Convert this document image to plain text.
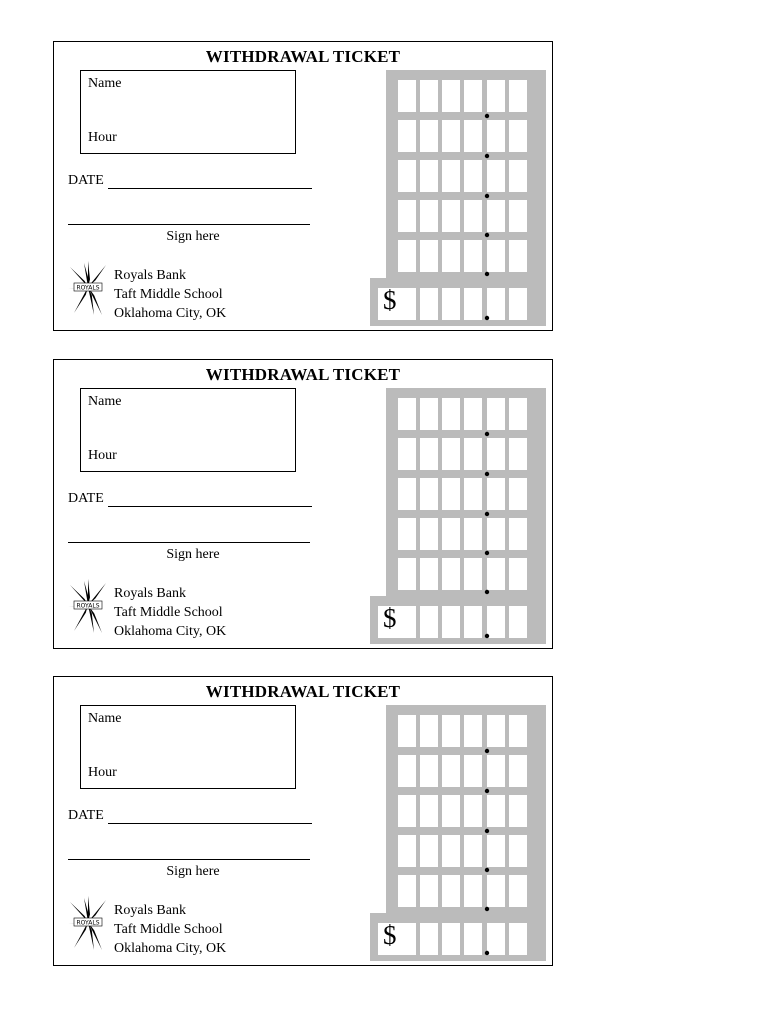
WITHDRAWAL TICKET
Name
Hour
DATE
Sign here
ROYALS
Royals Bank
Taft Middle School
Oklahoma City, OK	$
WITHDRAWAL TICKET
Name
Hour
DATE
Sign here
ROYALS
Royals Bank
Taft Middle School
Oklahoma City, OK	$
WITHDRAWAL TICKET
Name
Hour
DATE
Sign here
ROYALS
Royals Bank
Taft Middle School
Oklahoma City, OK	$
